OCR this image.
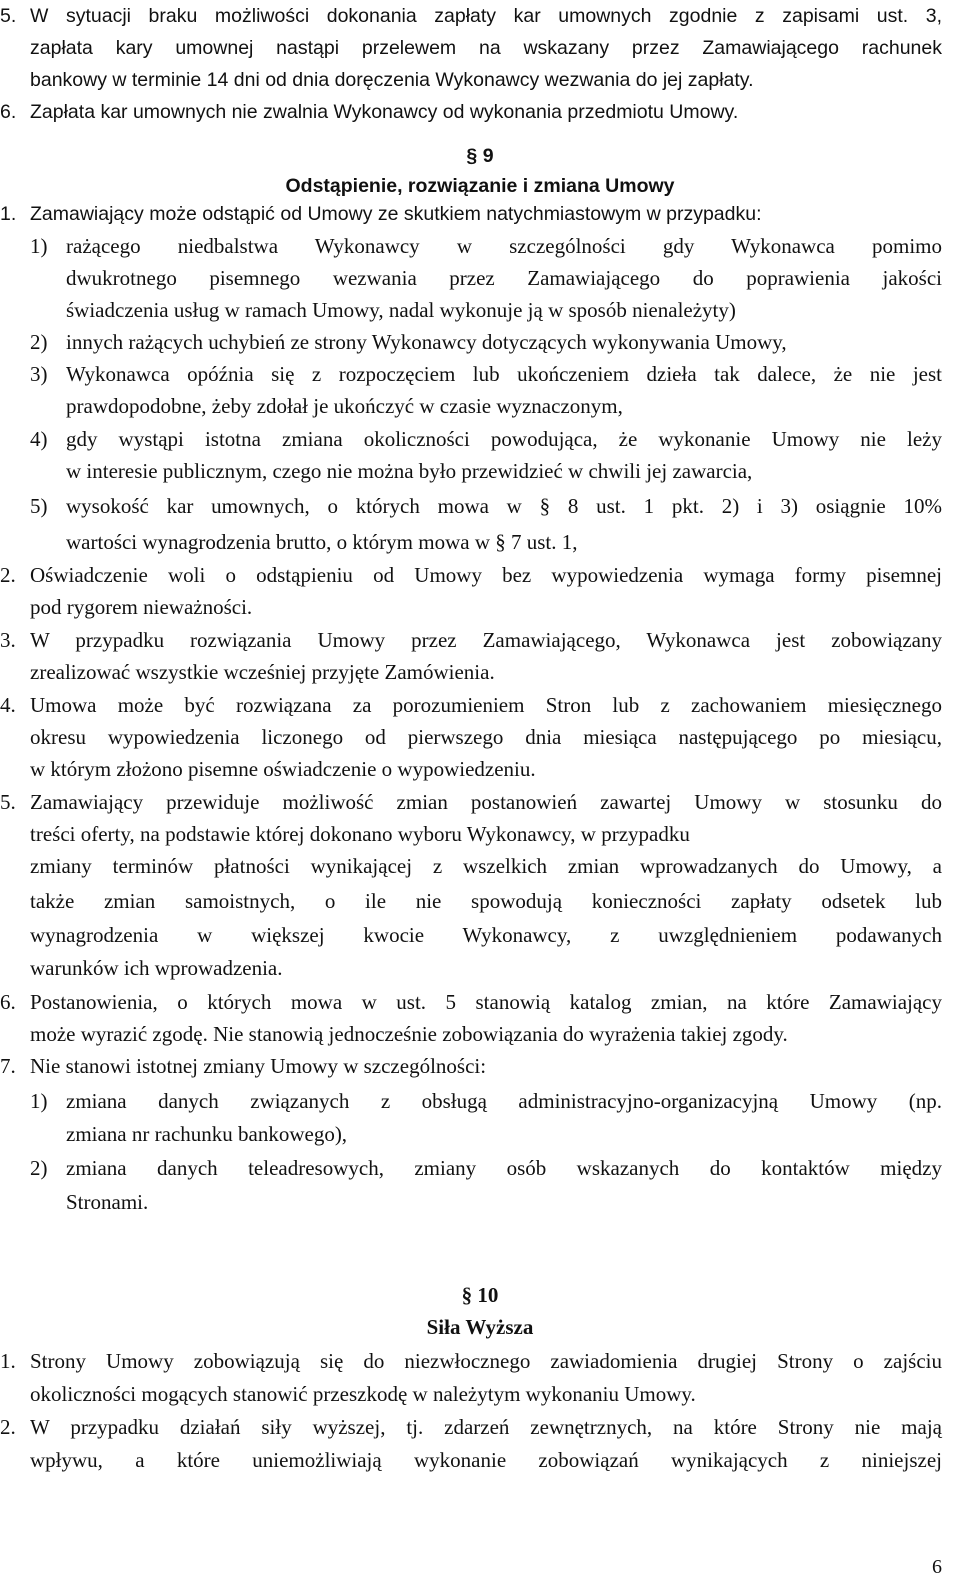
5. W sytuacji braku możliwości dokonania zapłaty kar umownych zgodnie z zapisami ust. 3,
zapłata kary umownej nastąpi przelewem na wskazany przez Zamawiającego rachunek
bankowy w terminie 14 dni od dnia doręczenia Wykonawcy wezwania do jej zapłaty.
6. Zapłata kar umownych nie zwalnia Wykonawcy od wykonania przedmiotu Umowy.
§ 9
Odstąpienie, rozwiązanie i zmiana Umowy
1. Zamawiający może odstąpić od Umowy ze skutkiem natychmiastowym w przypadku:
1) rażącego niedbalstwa Wykonawcy w szczególności gdy Wykonawca pomimo
dwukrotnego pisemnego wezwania przez Zamawiającego do poprawienia jakości
świadczenia usług w ramach Umowy, nadal wykonuje ją w sposób nienależyty)
2) innych rażących uchybień ze strony Wykonawcy dotyczących wykonywania Umowy,
3) Wykonawca opóźnia się z rozpoczęciem lub ukończeniem dzieła tak dalece, że nie jest
prawdopodobne, żeby zdołał je ukończyć w czasie wyznaczonym,
4) gdy wystąpi istotna zmiana okoliczności powodująca, że wykonanie Umowy nie leży
w interesie publicznym, czego nie można było przewidzieć w chwili jej zawarcia,
5) wysokość kar umownych, o których mowa w § 8 ust. 1 pkt. 2) i 3) osiągnie 10%
wartości wynagrodzenia brutto, o którym mowa w § 7 ust. 1,
2. Oświadczenie woli o odstąpieniu od Umowy bez wypowiedzenia wymaga formy pisemnej
pod rygorem nieważności.
3. W przypadku rozwiązania Umowy przez Zamawiającego, Wykonawca jest zobowiązany
zrealizować wszystkie wcześniej przyjęte Zamówienia.
4. Umowa może być rozwiązana za porozumieniem Stron lub z zachowaniem miesięcznego
okresu wypowiedzenia liczonego od pierwszego dnia miesiąca następującego po miesiącu,
w którym złożono pisemne oświadczenie o wypowiedzeniu.
5. Zamawiający przewiduje możliwość zmian postanowień zawartej Umowy w stosunku do
treści oferty, na podstawie której dokonano wyboru Wykonawcy, w przypadku
zmiany terminów płatności wynikającej z wszelkich zmian wprowadzanych do Umowy, a
także zmian samoistnych, o ile nie spowodują konieczności zapłaty odsetek lub
wynagrodzenia w większej kwocie Wykonawcy, z uwzględnieniem podawanych
warunków ich wprowadzenia.
6. Postanowienia, o których mowa w ust. 5 stanowią katalog zmian, na które Zamawiający
może wyrazić zgodę. Nie stanowią jednocześnie zobowiązania do wyrażenia takiej zgody.
7. Nie stanowi istotnej zmiany Umowy w szczególności:
1) zmiana danych związanych z obsługą administracyjno-organizacyjną Umowy (np.
zmiana nr rachunku bankowego),
2) zmiana danych teleadresowych, zmiany osób wskazanych do kontaktów między
Stronami.
§ 10
Siła Wyższa
1. Strony Umowy zobowiązują się do niezwłocznego zawiadomienia drugiej Strony o zajściu
okoliczności mogących stanowić przeszkodę w należytym wykonaniu Umowy.
2. W przypadku działań siły wyższej, tj. zdarzeń zewnętrznych, na które Strony nie mają
wpływu, a które uniemożliwiają wykonanie zobowiązań wynikających z niniejszej
6
